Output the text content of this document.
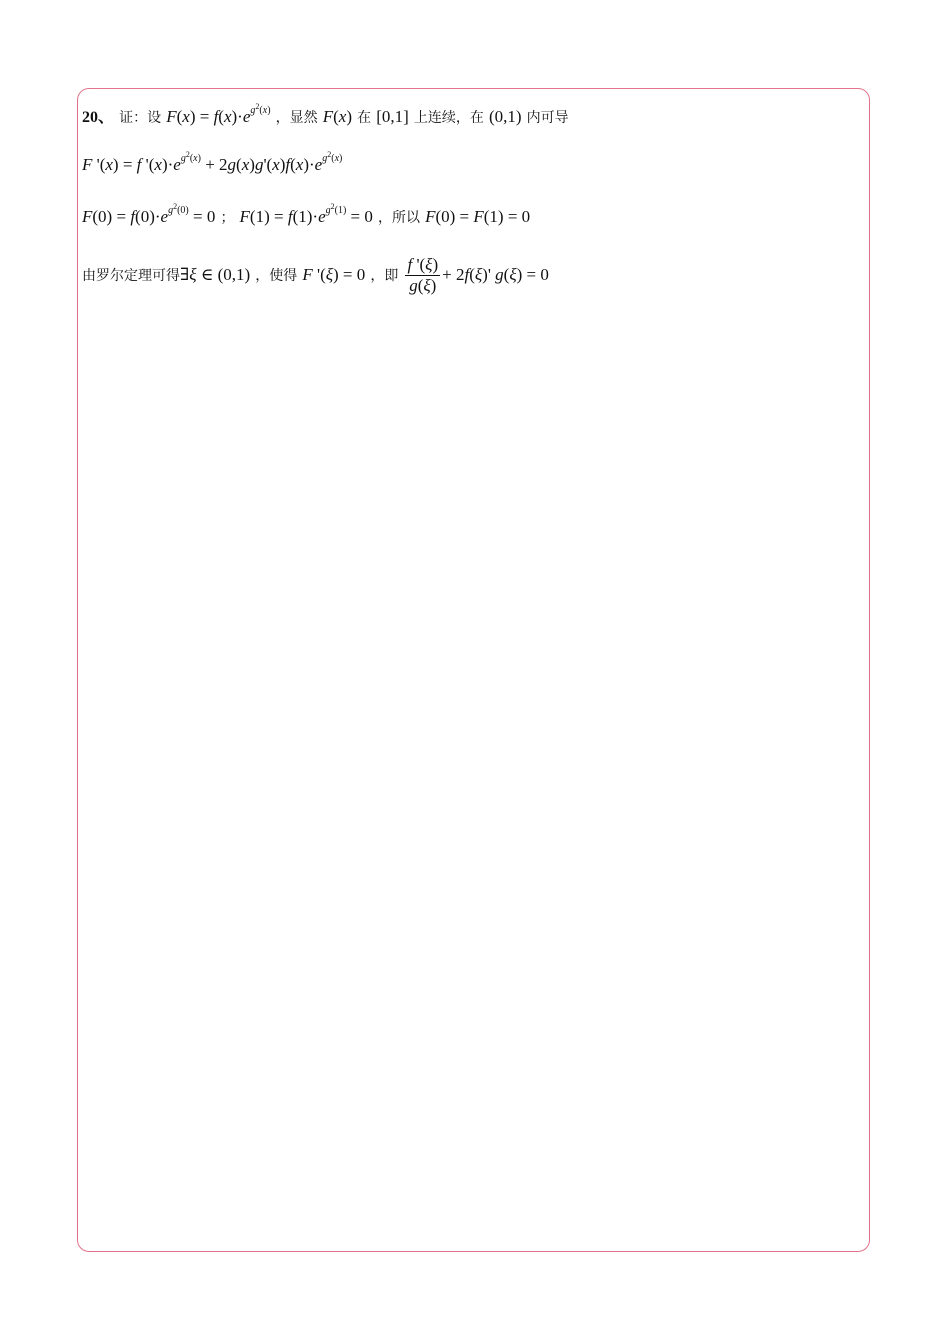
20、 证：设 $F(x) = f(x)\cdot e^{g^2(x)}$ ，显然 F(x) 在 [0,1] 上连续，在 (0,1) 内可导
F '(x) = f '$(x)\cdot e^{g^2(x)} + 2g(x)g'(x)f(x)\cdot e^{g^2(x)}$
$F(0) = f(0)\cdot e^{g^2(0)} = 0$ ； $F(1) = f(1)\cdot e^{g^2(1)} = 0$ ，所以 F(0) = F(1) = 0
由罗尔定理可得∃ξ ∈ (0,1) ，使得 F '(ξ) = 0 ，即 $\frac{f '(\xi)}{g(\xi)} + 2f(\xi)'$ g(ξ) = 0
